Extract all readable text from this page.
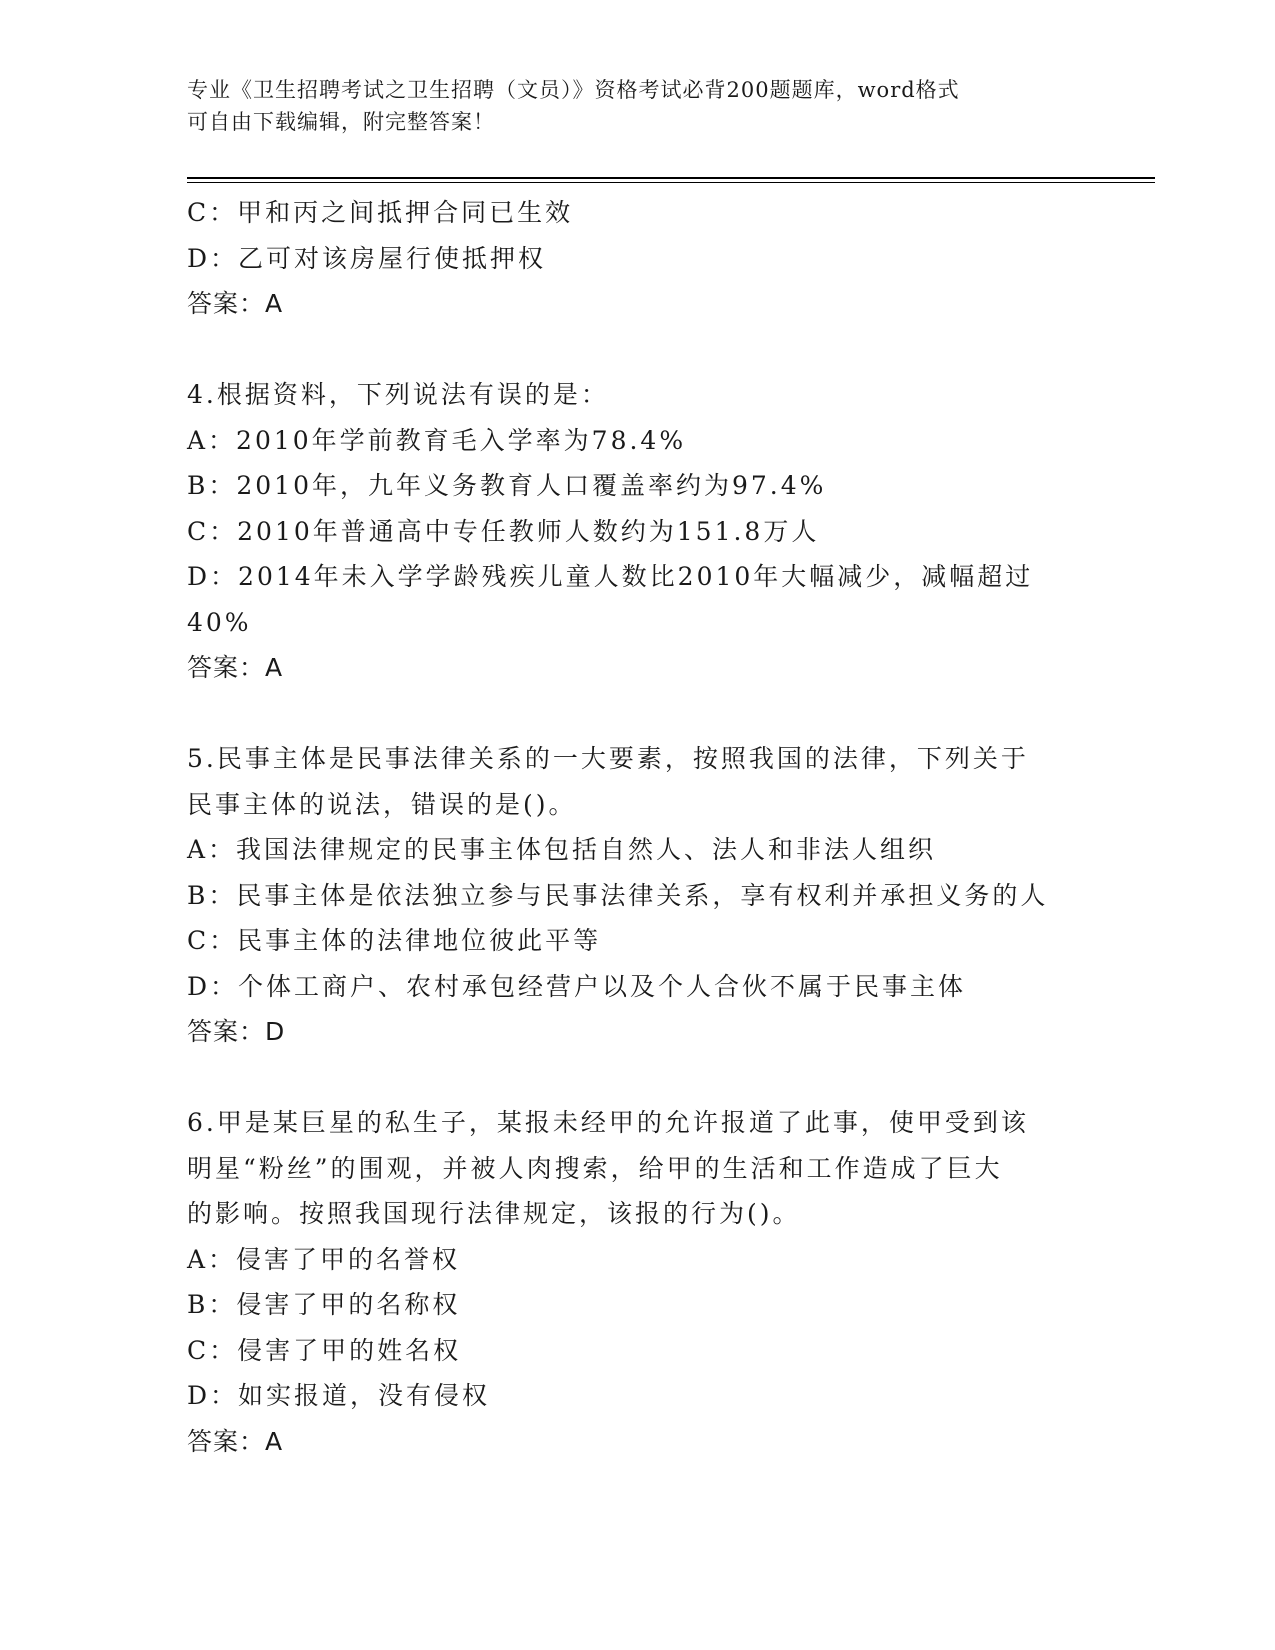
专业《卫生招聘考试之卫生招聘（文员）》资格考试必背200题题库，word格式
可自由下载编辑，附完整答案！
C：甲和丙之间抵押合同已生效
D：乙可对该房屋行使抵押权
答案：A
4.根据资料，下列说法有误的是：
A：2010年学前教育毛入学率为78.4%
B：2010年，九年义务教育人口覆盖率约为97.4%
C：2010年普通高中专任教师人数约为151.8万人
D：2014年未入学学龄残疾儿童人数比2010年大幅减少，减幅超过
40%
答案：A
5.民事主体是民事法律关系的一大要素，按照我国的法律，下列关于
民事主体的说法，错误的是()。
A：我国法律规定的民事主体包括自然人、法人和非法人组织
B：民事主体是依法独立参与民事法律关系，享有权利并承担义务的人
C：民事主体的法律地位彼此平等
D：个体工商户、农村承包经营户以及个人合伙不属于民事主体
答案：D
6.甲是某巨星的私生子，某报未经甲的允许报道了此事，使甲受到该
明星“粉丝”的围观，并被人肉搜索，给甲的生活和工作造成了巨大
的影响。按照我国现行法律规定，该报的行为()。
A：侵害了甲的名誉权
B：侵害了甲的名称权
C：侵害了甲的姓名权
D：如实报道，没有侵权
答案：A
